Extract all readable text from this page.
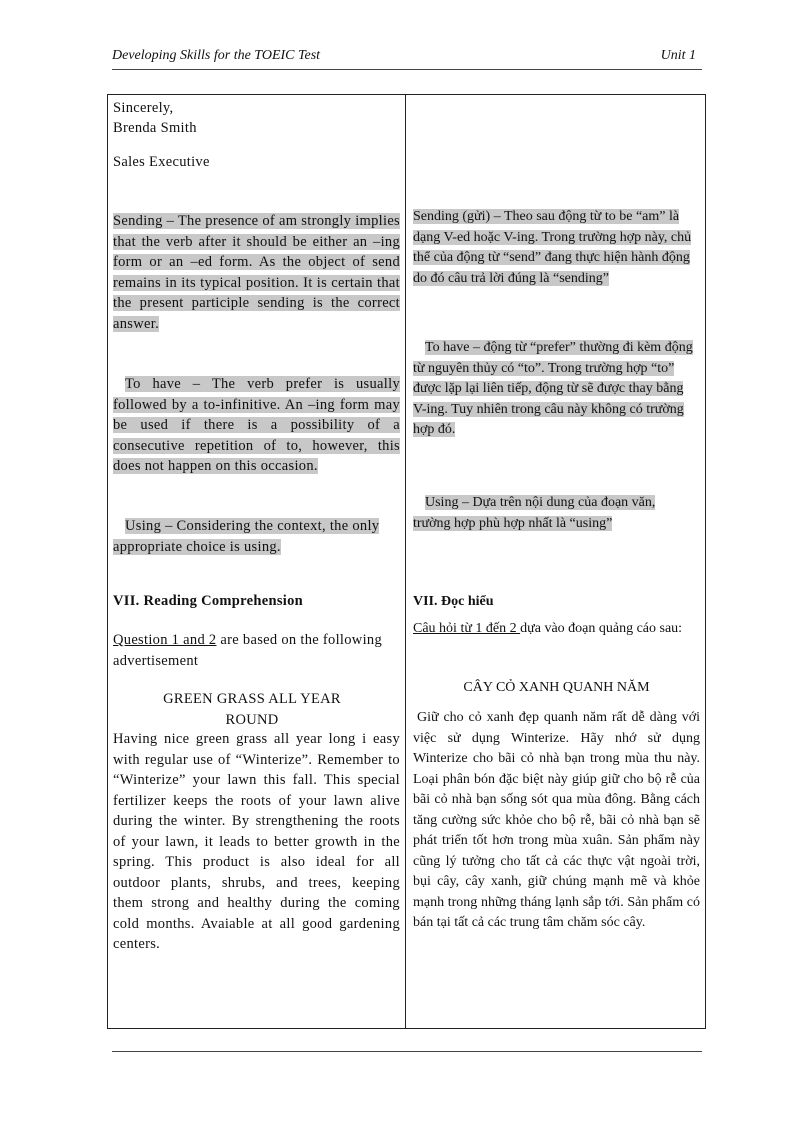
Developing Skills for the TOEIC Test	Unit 1
Sincerely,
Brenda Smith
Sales Executive
Sending – The presence of am strongly implies that the verb after it should be either an –ing form or an –ed form. As the object of send remains in its typical position. It is certain that the present participle sending is the correct answer.
To have – The verb prefer is usually followed by a to-infinitive. An –ing form may be used if there is a possibility of a consecutive repetition of to, however, this does not happen on this occasion.
Using – Considering the context, the only appropriate choice is using.
VII. Reading Comprehension
Question 1 and 2 are based on the following advertisement
GREEN GRASS ALL YEAR ROUND
Having nice green grass all year long i easy with regular use of “Winterize”. Remember to “Winterize” your lawn this fall. This special fertilizer keeps the roots of your lawn alive during the winter. By strengthening the roots of your lawn, it leads to better growth in the spring. This product is also ideal for all outdoor plants, shrubs, and trees, keeping them strong and healthy during the coming cold months. Avaiable at all good gardening centers.
Sending (gửi) – Theo sau động từ to be “am” là dạng V-ed hoặc V-ing. Trong trường hợp này, chủ thể của động từ “send” đang thực hiện hành động do đó câu trả lời đúng là “sending”
To have – động từ “prefer” thường đi kèm động từ nguyên thủy có “to”. Trong trường hợp “to” được lặp lại liên tiếp, động từ sẽ được thay bằng V-ing. Tuy nhiên trong câu này không có trường hợp đó.
Using – Dựa trên nội dung của đoạn văn, trường hợp phù hợp nhất là “using”
VII. Đọc hiểu
Câu hỏi từ 1 đến 2 dựa vào đoạn quảng cáo sau:
CÂY CỎ XANH QUANH NĂM
Giữ cho cỏ xanh đẹp quanh năm rất dễ dàng với việc sử dụng Winterize. Hãy nhớ sử dụng Winterize cho bãi cỏ nhà bạn trong mùa thu này. Loại phân bón đặc biệt này giúp giữ cho bộ rễ của bãi cỏ nhà bạn sống sót qua mùa đông. Bằng cách tăng cường sức khỏe cho bộ rễ, bãi cỏ nhà bạn sẽ phát triển tốt hơn trong mùa xuân. Sản phẩm này cũng lý tưởng cho tất cả các thực vật ngoài trời, bụi cây, cây xanh, giữ chúng mạnh mẽ và khỏe mạnh trong những tháng lạnh sắp tới. Sản phẩm có bán tại tất cả các trung tâm chăm sóc cây.
